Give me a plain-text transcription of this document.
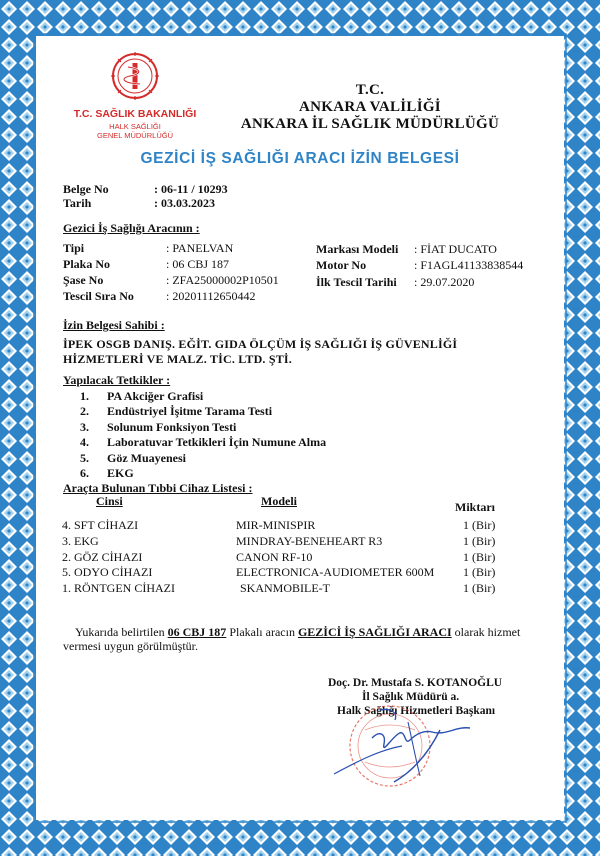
T.C. SAĞLIK BAKANLIĞI
HALK SAĞLIĞI
GENEL MÜDÜRLÜĞÜ
T.C.
ANKARA VALİLİĞİ
ANKARA İL SAĞLIK MÜDÜRLÜĞÜ
GEZİCİ İŞ SAĞLIĞI ARACI İZİN BELGESİ
Belge No	: 06-11 / 10293
Tarih	: 03.03.2023
Gezici İş Sağlığı Aracının :
Tipi	: PANELVAN
Plaka No	: 06 CBJ 187
Şase No	: ZFA25000002P10501
Tescil Sıra No	: 20201112650442
Markası Modeli : FİAT DUCATO
Motor No	: F1AGL41133838544
İlk Tescil Tarihi : 29.07.2020
İzin Belgesi Sahibi :
İPEK OSGB DANIŞ. EĞİT. GIDA ÖLÇÜM İŞ SAĞLIĞI İŞ GÜVENLİĞİ
HİZMETLERİ VE MALZ. TİC. LTD. ŞTİ.
Yapılacak Tetkikler :
1. PA Akciğer Grafisi
2. Endüstriyel İşitme Tarama Testi
3. Solunum Fonksiyon Testi
4. Laboratuvar Tetkikleri İçin Numune Alma
5. Göz Muayenesi
6. EKG
Araçta Bulunan Tıbbi Cihaz Listesi :
Cinsi	Modeli	Miktarı
4. SFT CİHAZI	MIR-MINISPIR	1 (Bir)
3. EKG	MINDRAY-BENEHEART R3	1 (Bir)
2. GÖZ CİHAZI	CANON RF-10	1 (Bir)
5. ODYO CİHAZI	ELECTRONICA-AUDIOMETER 600M 1 (Bir)
1. RÖNTGEN CİHAZI	SKANMOBILE-T	1 (Bir)
Yukarıda belirtilen 06 CBJ 187 Plakalı aracın GEZİCİ İŞ SAĞLIĞI ARACI olarak hizmet
vermesi uygun görülmüştür.
Doç. Dr. Mustafa S. KOTANOĞLU
İl Sağlık Müdürü a.
Halk Sağlığı Hizmetleri Başkanı
